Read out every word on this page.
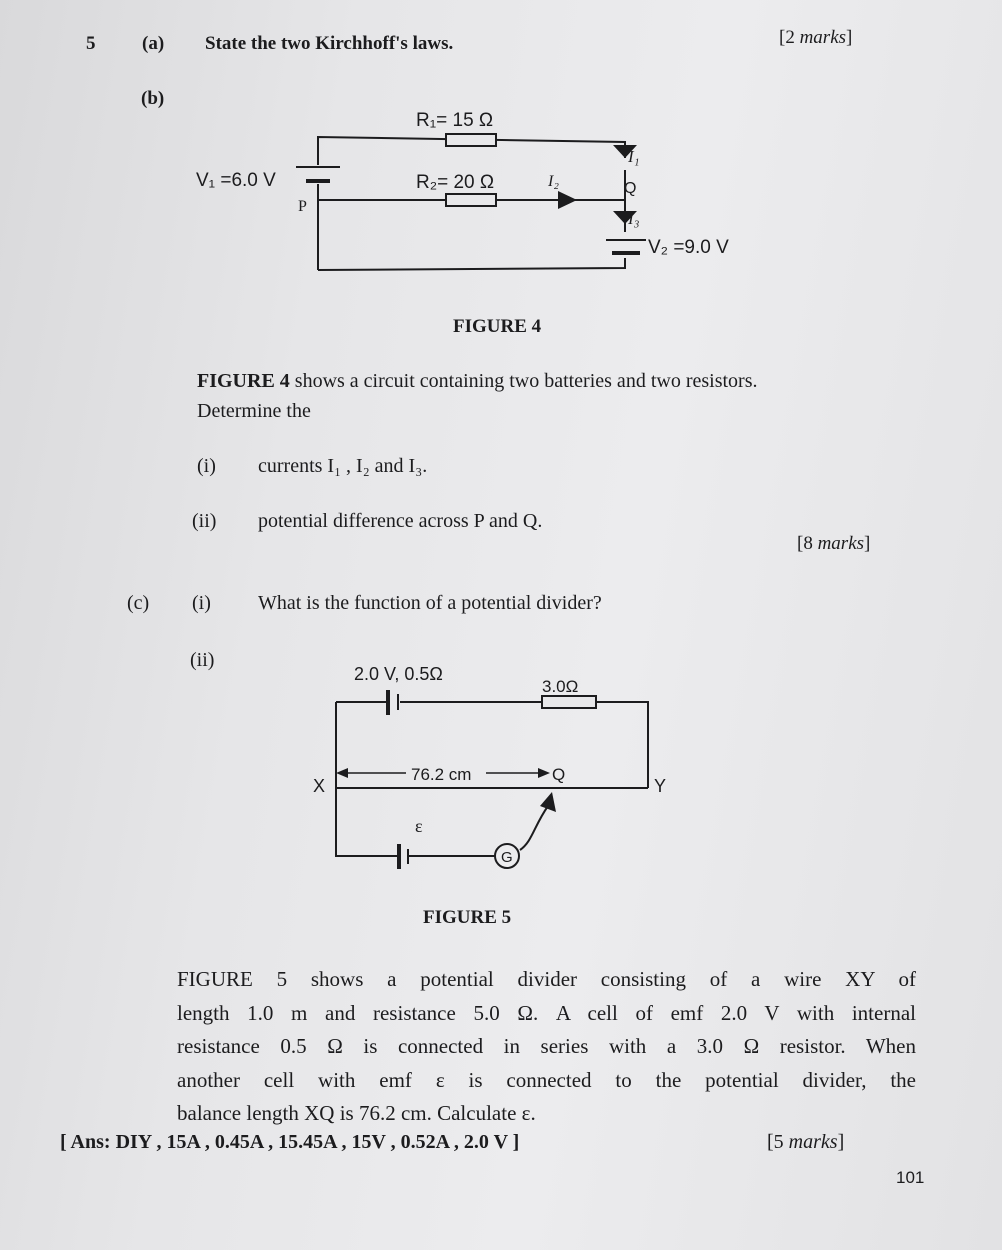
5 (a) State the two Kirchhoff's laws.	[2 marks]
(b)
R₁= 15 Ω
R₂= 20 Ω
V₁ =6.0 V
V₂ =9.0 V
P
Q
I₁
I₂
I₃
FIGURE 4
FIGURE 4 shows a circuit containing two batteries and two resistors.
Determine the
(i) currents I₁ , I₂ and I₃.
(ii) potential difference across P and Q.
[8 marks]
(c) (i) What is the function of a potential divider?
(ii)
G
2.0 V, 0.5Ω
3.0Ω
76.2 cm
X	Y
Q
ε
FIGURE 5
FIGURE 5 shows a potential divider consisting of a wire XY of
length 1.0 m and resistance 5.0 Ω. A cell of emf 2.0 V with internal
resistance 0.5 Ω is connected in series with a 3.0 Ω resistor. When
another cell with emf ε is connected to the potential divider, the
balance length XQ is 76.2 cm. Calculate ε.
[ Ans: DIY , 15A , 0.45A , 15.45A , 15V , 0.52A , 2.0 V ]	[5 marks]
101
